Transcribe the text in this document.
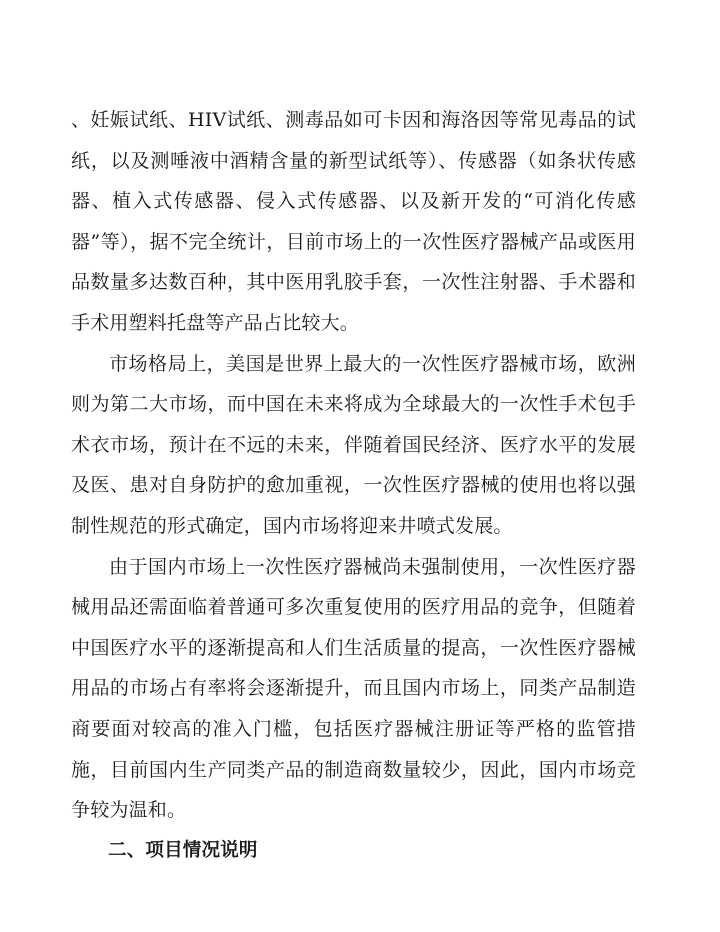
、妊娠试纸、HIV试纸、测毒品如可卡因和海洛因等常见毒品的试纸，以及测唾液中酒精含量的新型试纸等）、传感器（如条状传感器、植入式传感器、侵入式传感器、以及新开发的“可消化传感器”等），据不完全统计，目前市场上的一次性医疗器械产品或医用品数量多达数百种，其中医用乳胶手套，一次性注射器、手术器和手术用塑料托盘等产品占比较大。

市场格局上，美国是世界上最大的一次性医疗器械市场，欧洲则为第二大市场，而中国在未来将成为全球最大的一次性手术包手术衣市场，预计在不远的未来，伴随着国民经济、医疗水平的发展及医、患对自身防护的愈加重视，一次性医疗器械的使用也将以强制性规范的形式确定，国内市场将迎来井喷式发展。

由于国内市场上一次性医疗器械尚未强制使用，一次性医疗器械用品还需面临着普通可多次重复使用的医疗用品的竞争，但随着中国医疗水平的逐渐提高和人们生活质量的提高，一次性医疗器械用品的市场占有率将会逐渐提升，而且国内市场上，同类产品制造商要面对较高的准入门槛，包括医疗器械注册证等严格的监管措施，目前国内生产同类产品的制造商数量较少，因此，国内市场竞争较为温和。

二、项目情况说明
